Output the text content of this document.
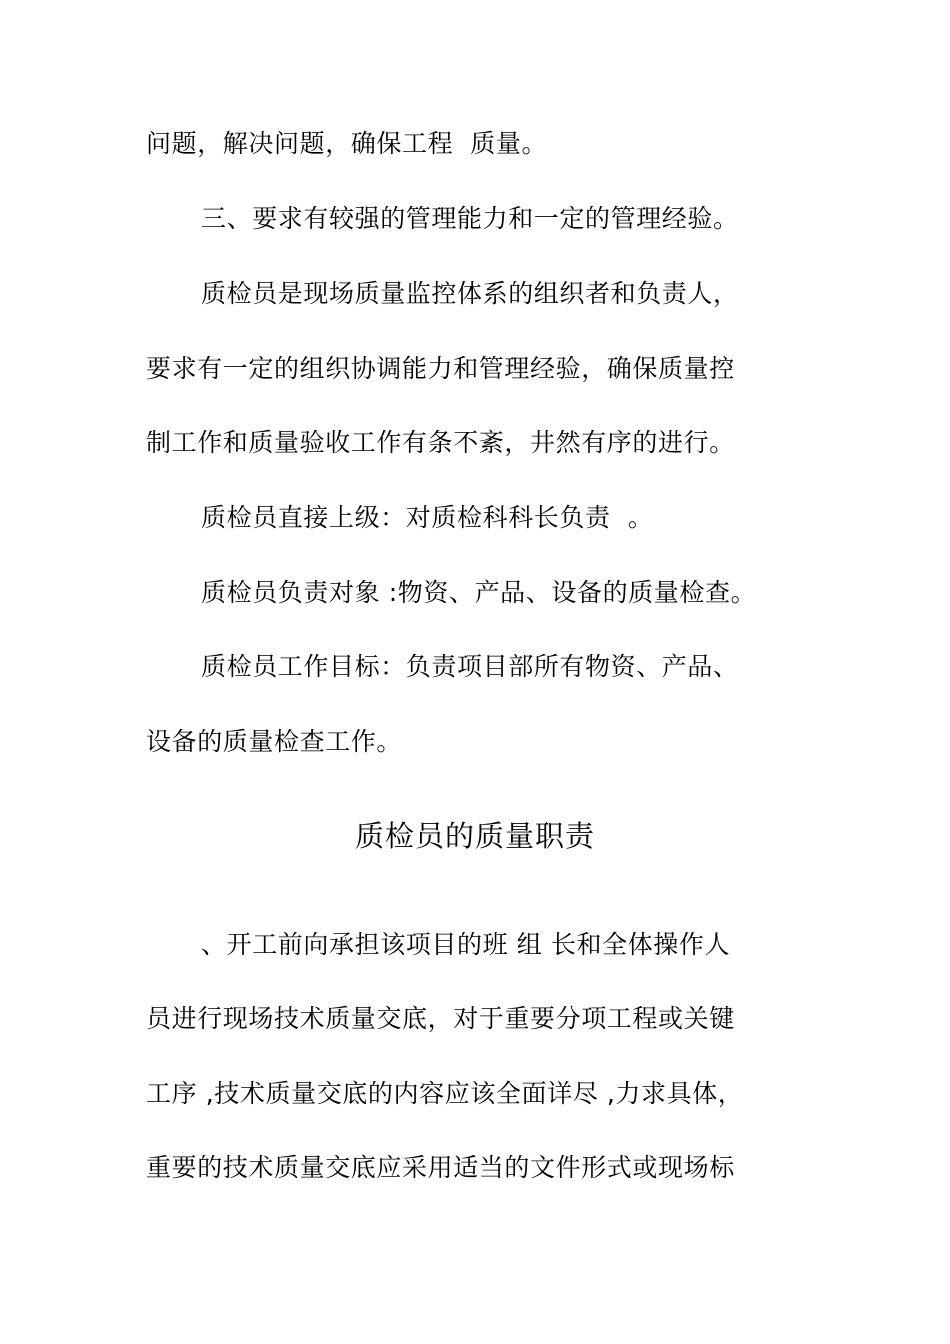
问题，解决问题，确保工程  质量。
三、要求有较强的管理能力和一定的管理经验。
质检员是现场质量监控体系的组织者和负责人，
要求有一定的组织协调能力和管理经验，确保质量控
制工作和质量验收工作有条不紊，井然有序的进行。
质检员直接上级：对质检科科长负责  。
质检员负责对象 :物资、产品、设备的质量检查。
质检员工作目标：负责项目部所有物资、产品、
设备的质量检查工作。
质检员的质量职责
、开工前向承担该项目的班 组 长和全体操作人
员进行现场技术质量交底，对于重要分项工程或关键
工序 ,技术质量交底的内容应该全面详尽 ,力求具体，
重要的技术质量交底应采用适当的文件形式或现场标
